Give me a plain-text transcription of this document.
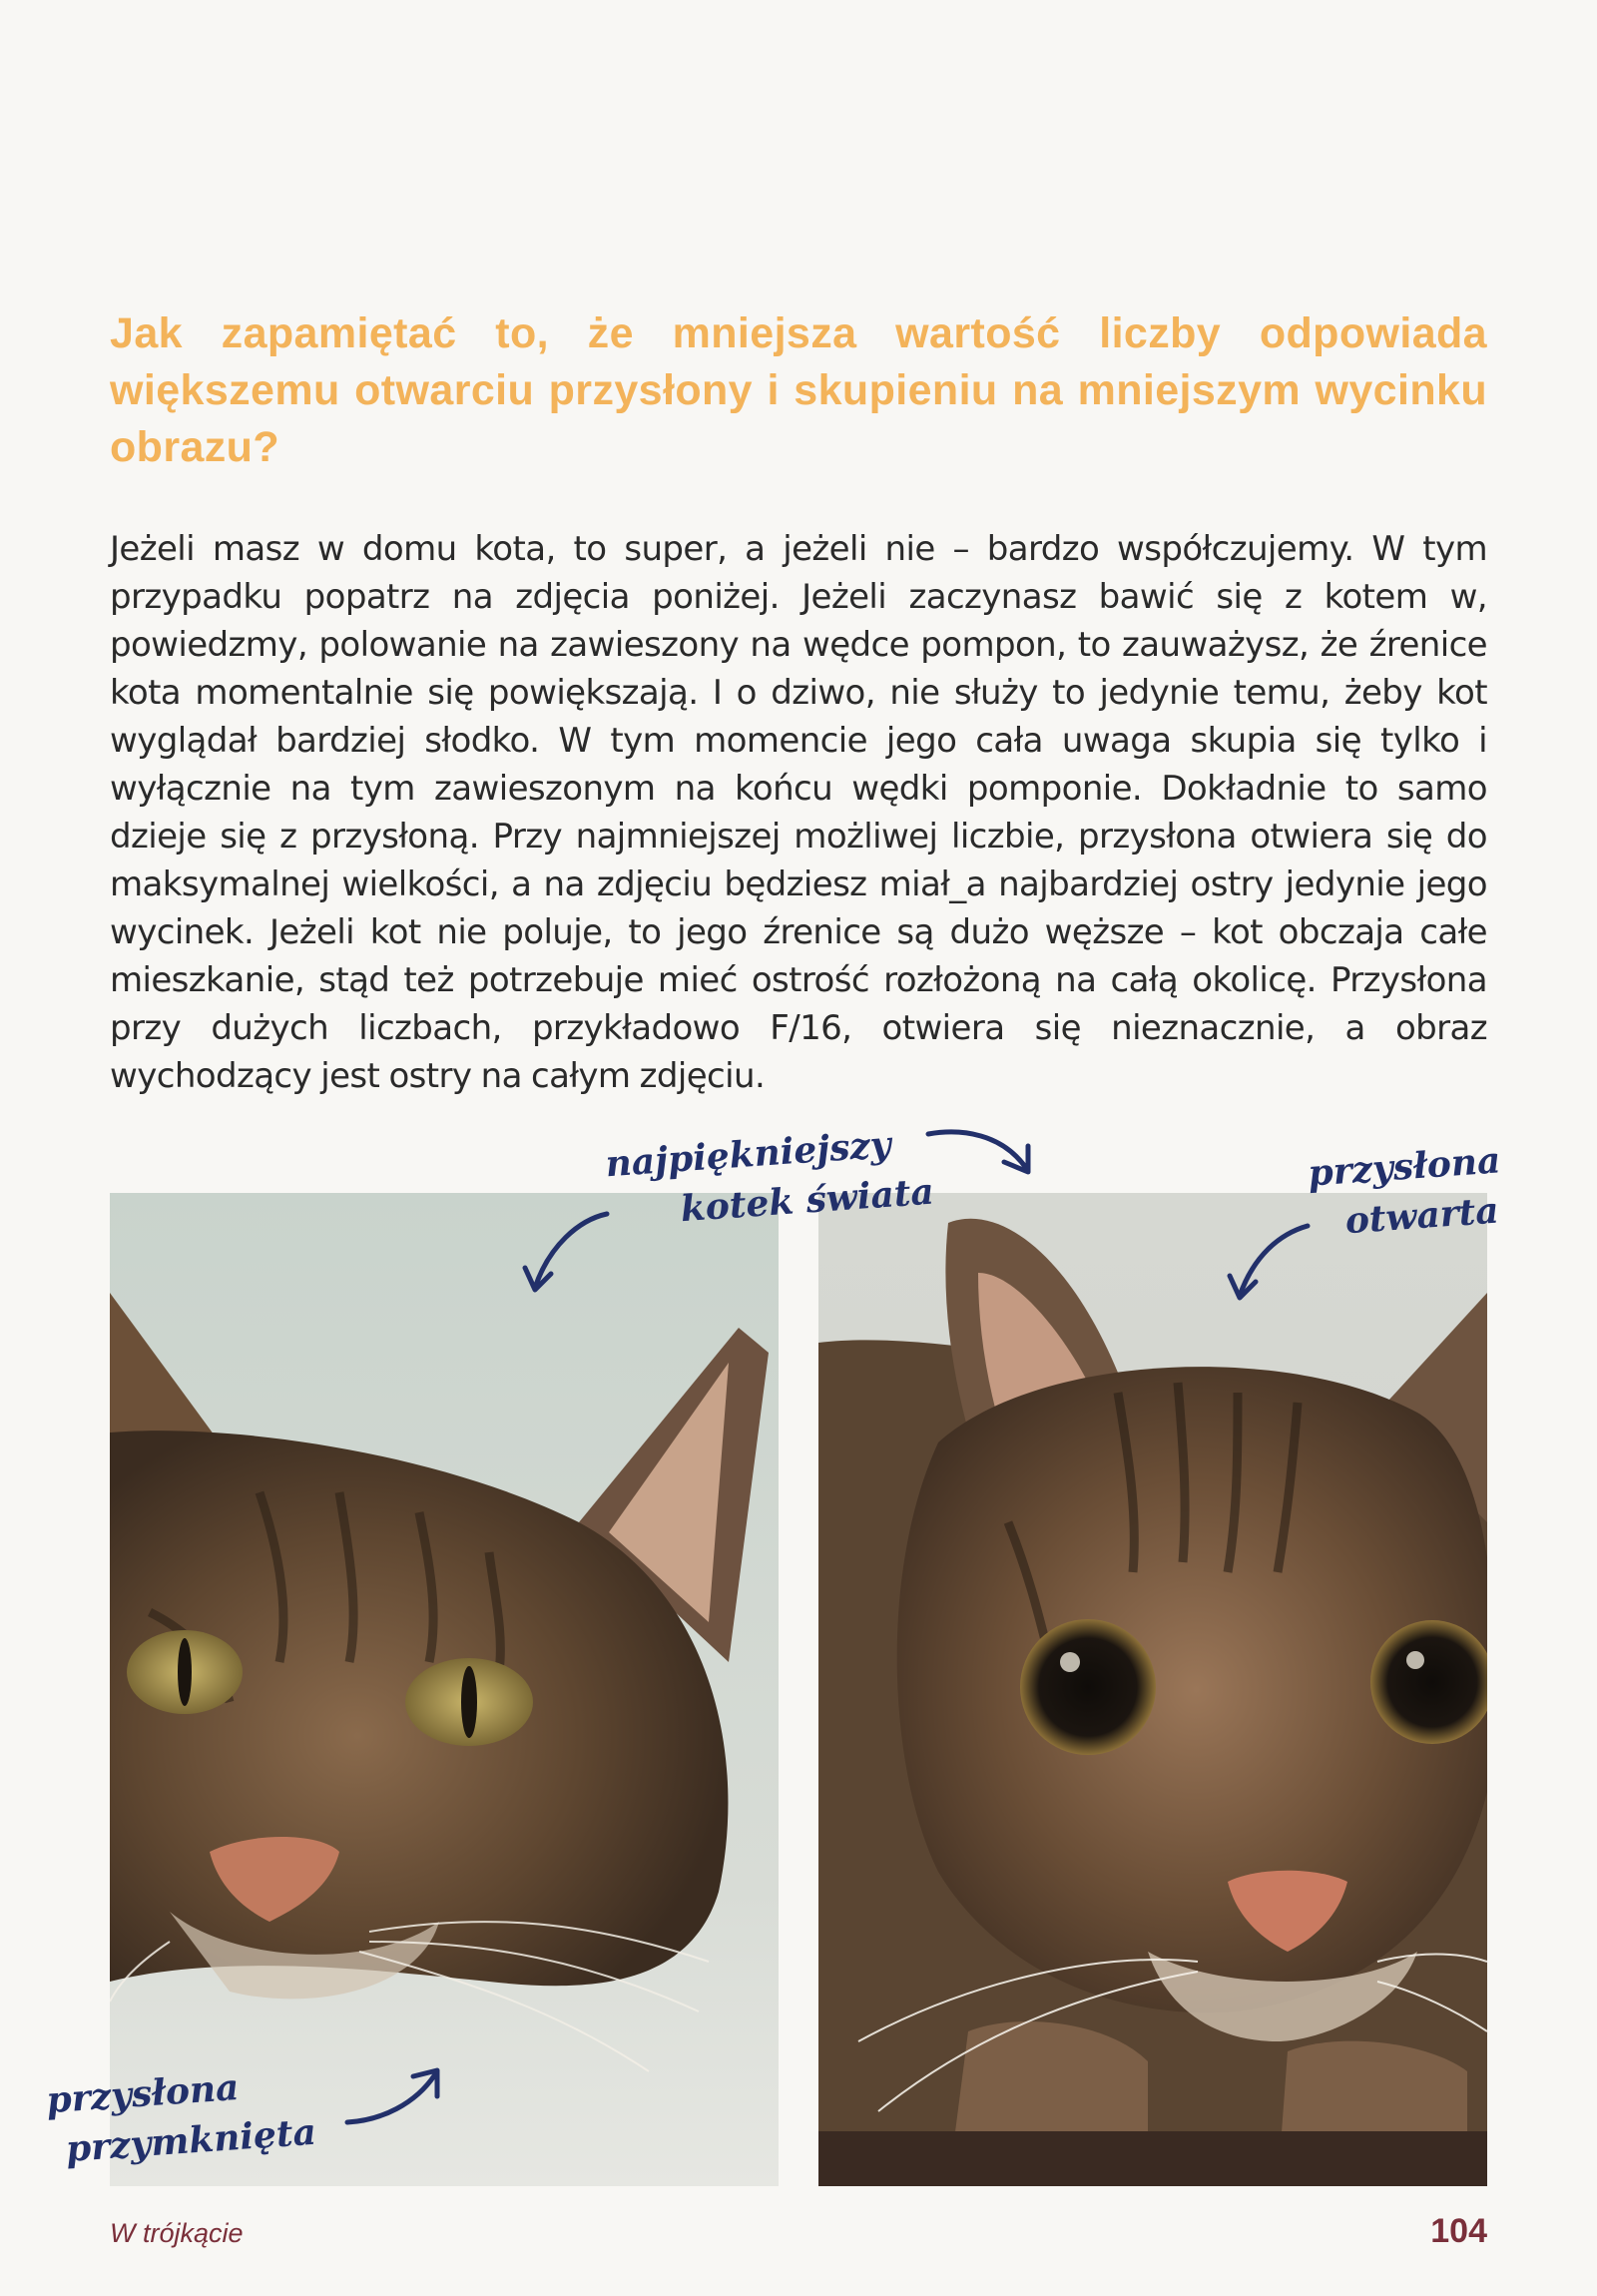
Jak zapamiętać to, że mniejsza wartość liczby odpowiada większemu otwarciu przysłony i skupieniu na mniejszym wycinku obrazu?

Jeżeli masz w domu kota, to super, a jeżeli nie – bardzo współczujemy. W tym przypadku popatrz na zdjęcia poniżej. Jeżeli zaczynasz bawić się z kotem w, powiedzmy, polowanie na zawieszony na wędce pompon, to zauważysz, że źrenice kota momentalnie się powiększają. I o dziwo, nie służy to jedynie temu, żeby kot wyglądał bardziej słodko. W tym momencie jego cała uwaga skupia się tylko i wyłącznie na tym zawieszonym na końcu wędki pomponie. Dokładnie to samo dzieje się z przysłoną. Przy najmniejszej możliwej liczbie, przysłona otwiera się do maksymalnej wielkości, a na zdjęciu będziesz miał_a najbardziej ostry jedynie jego wycinek. Jeżeli kot nie poluje, to jego źrenice są dużo węższe – kot obczaja całe mieszkanie, stąd też potrzebuje mieć ostrość rozłożoną na całą okolicę. Przysłona przy dużych liczbach, przykładowo F/16, otwiera się nieznacznie, a obraz wychodzący jest ostry na całym zdjęciu.

najpiękniejszy
kotek świata
przysłona
otwarta
przysłona
przymknięta
W trójkącie	104
